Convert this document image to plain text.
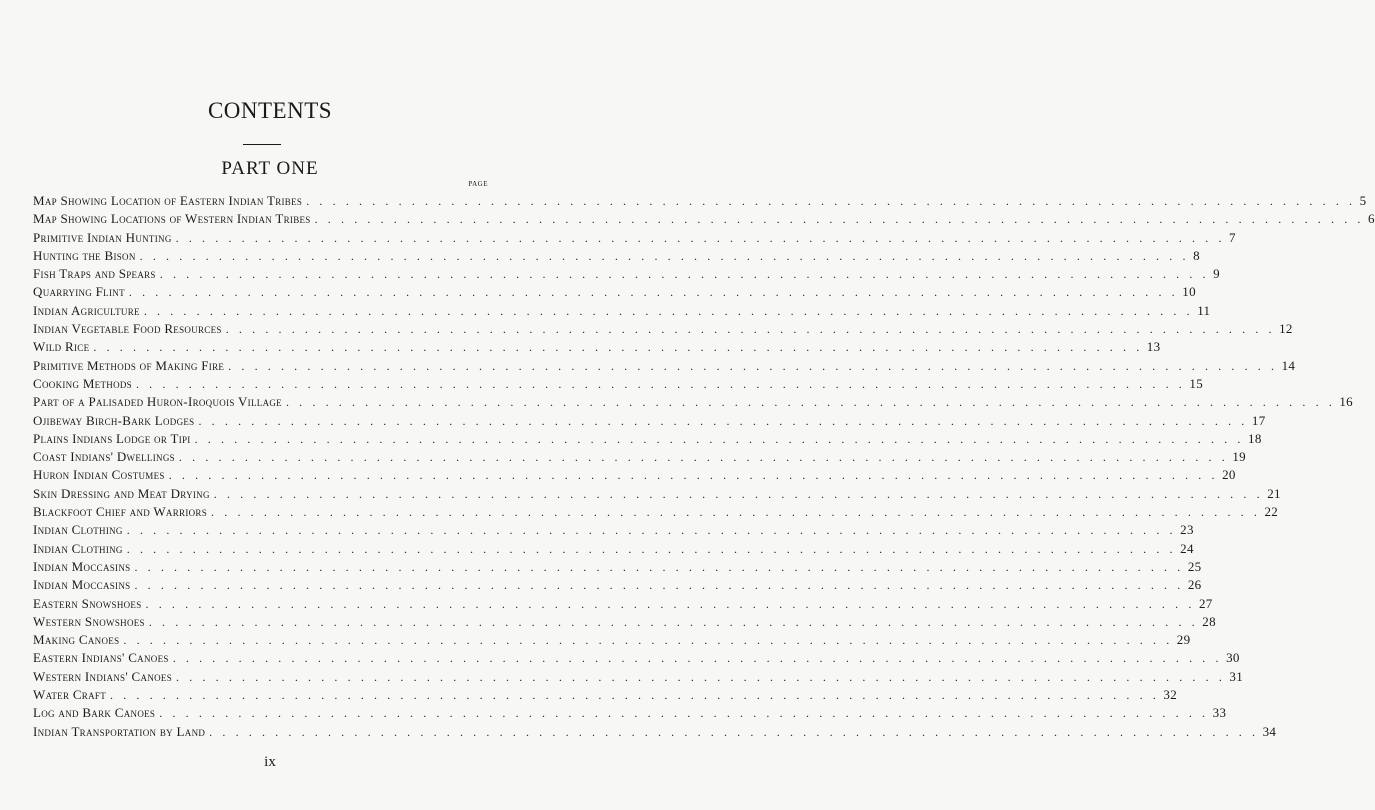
CONTENTS
PART ONE
PAGE
Map Showing Location of Eastern Indian Tribes . . . . . . . . . . . . . . . . . . . . . . . . . . . . . . . . . . . . . . . . . . . . . . . . . . . . . . . . . . . . . . . . . . . . . . . . . . . . . . . . 5
Map Showing Locations of Western Indian Tribes . . . . . . . . . . . . . . . . . . . . . . . . . . . . . . . . . . . . . . . . . . . . . . . . . . . . . . . . . . . . . . . . . . . . . . . . . . . . . . . . 6
Primitive Indian Hunting . . . . . . . . . . . . . . . . . . . . . . . . . . . . . . . . . . . . . . . . . . . . . . . . . . . . . . . . . . . . . . . . . . . . . . . . . . . . . . . . 7
Hunting the Bison . . . . . . . . . . . . . . . . . . . . . . . . . . . . . . . . . . . . . . . . . . . . . . . . . . . . . . . . . . . . . . . . . . . . . . . . . . . . . . . . 8
Fish Traps and Spears . . . . . . . . . . . . . . . . . . . . . . . . . . . . . . . . . . . . . . . . . . . . . . . . . . . . . . . . . . . . . . . . . . . . . . . . . . . . . . . . 9
Quarrying Flint . . . . . . . . . . . . . . . . . . . . . . . . . . . . . . . . . . . . . . . . . . . . . . . . . . . . . . . . . . . . . . . . . . . . . . . . . . . . . . . . 10
Indian Agriculture . . . . . . . . . . . . . . . . . . . . . . . . . . . . . . . . . . . . . . . . . . . . . . . . . . . . . . . . . . . . . . . . . . . . . . . . . . . . . . . . 11
Indian Vegetable Food Resources . . . . . . . . . . . . . . . . . . . . . . . . . . . . . . . . . . . . . . . . . . . . . . . . . . . . . . . . . . . . . . . . . . . . . . . . . . . . . . . . 12
Wild Rice . . . . . . . . . . . . . . . . . . . . . . . . . . . . . . . . . . . . . . . . . . . . . . . . . . . . . . . . . . . . . . . . . . . . . . . . . . . . . . . . 13
Primitive Methods of Making Fire . . . . . . . . . . . . . . . . . . . . . . . . . . . . . . . . . . . . . . . . . . . . . . . . . . . . . . . . . . . . . . . . . . . . . . . . . . . . . . . . 14
Cooking Methods . . . . . . . . . . . . . . . . . . . . . . . . . . . . . . . . . . . . . . . . . . . . . . . . . . . . . . . . . . . . . . . . . . . . . . . . . . . . . . . . 15
Part of a Palisaded Huron-Iroquois Village . . . . . . . . . . . . . . . . . . . . . . . . . . . . . . . . . . . . . . . . . . . . . . . . . . . . . . . . . . . . . . . . . . . . . . . . . . . . . . . . 16
Ojibeway Birch-Bark Lodges . . . . . . . . . . . . . . . . . . . . . . . . . . . . . . . . . . . . . . . . . . . . . . . . . . . . . . . . . . . . . . . . . . . . . . . . . . . . . . . . 17
Plains Indians Lodge or Tipi . . . . . . . . . . . . . . . . . . . . . . . . . . . . . . . . . . . . . . . . . . . . . . . . . . . . . . . . . . . . . . . . . . . . . . . . . . . . . . . . 18
Coast Indians' Dwellings . . . . . . . . . . . . . . . . . . . . . . . . . . . . . . . . . . . . . . . . . . . . . . . . . . . . . . . . . . . . . . . . . . . . . . . . . . . . . . . . 19
Huron Indian Costumes . . . . . . . . . . . . . . . . . . . . . . . . . . . . . . . . . . . . . . . . . . . . . . . . . . . . . . . . . . . . . . . . . . . . . . . . . . . . . . . . 20
Skin Dressing and Meat Drying . . . . . . . . . . . . . . . . . . . . . . . . . . . . . . . . . . . . . . . . . . . . . . . . . . . . . . . . . . . . . . . . . . . . . . . . . . . . . . . . 21
Blackfoot Chief and Warriors . . . . . . . . . . . . . . . . . . . . . . . . . . . . . . . . . . . . . . . . . . . . . . . . . . . . . . . . . . . . . . . . . . . . . . . . . . . . . . . . 22
Indian Clothing . . . . . . . . . . . . . . . . . . . . . . . . . . . . . . . . . . . . . . . . . . . . . . . . . . . . . . . . . . . . . . . . . . . . . . . . . . . . . . . . 23
Indian Clothing . . . . . . . . . . . . . . . . . . . . . . . . . . . . . . . . . . . . . . . . . . . . . . . . . . . . . . . . . . . . . . . . . . . . . . . . . . . . . . . . 24
Indian Moccasins . . . . . . . . . . . . . . . . . . . . . . . . . . . . . . . . . . . . . . . . . . . . . . . . . . . . . . . . . . . . . . . . . . . . . . . . . . . . . . . . 25
Indian Moccasins . . . . . . . . . . . . . . . . . . . . . . . . . . . . . . . . . . . . . . . . . . . . . . . . . . . . . . . . . . . . . . . . . . . . . . . . . . . . . . . . 26
Eastern Snowshoes . . . . . . . . . . . . . . . . . . . . . . . . . . . . . . . . . . . . . . . . . . . . . . . . . . . . . . . . . . . . . . . . . . . . . . . . . . . . . . . . 27
Western Snowshoes . . . . . . . . . . . . . . . . . . . . . . . . . . . . . . . . . . . . . . . . . . . . . . . . . . . . . . . . . . . . . . . . . . . . . . . . . . . . . . . . 28
Making Canoes . . . . . . . . . . . . . . . . . . . . . . . . . . . . . . . . . . . . . . . . . . . . . . . . . . . . . . . . . . . . . . . . . . . . . . . . . . . . . . . . 29
Eastern Indians' Canoes . . . . . . . . . . . . . . . . . . . . . . . . . . . . . . . . . . . . . . . . . . . . . . . . . . . . . . . . . . . . . . . . . . . . . . . . . . . . . . . . 30
Western Indians' Canoes . . . . . . . . . . . . . . . . . . . . . . . . . . . . . . . . . . . . . . . . . . . . . . . . . . . . . . . . . . . . . . . . . . . . . . . . . . . . . . . . 31
Water Craft . . . . . . . . . . . . . . . . . . . . . . . . . . . . . . . . . . . . . . . . . . . . . . . . . . . . . . . . . . . . . . . . . . . . . . . . . . . . . . . . 32
Log and Bark Canoes . . . . . . . . . . . . . . . . . . . . . . . . . . . . . . . . . . . . . . . . . . . . . . . . . . . . . . . . . . . . . . . . . . . . . . . . . . . . . . . . 33
Indian Transportation by Land . . . . . . . . . . . . . . . . . . . . . . . . . . . . . . . . . . . . . . . . . . . . . . . . . . . . . . . . . . . . . . . . . . . . . . . . . . . . . . . . 34
ix
